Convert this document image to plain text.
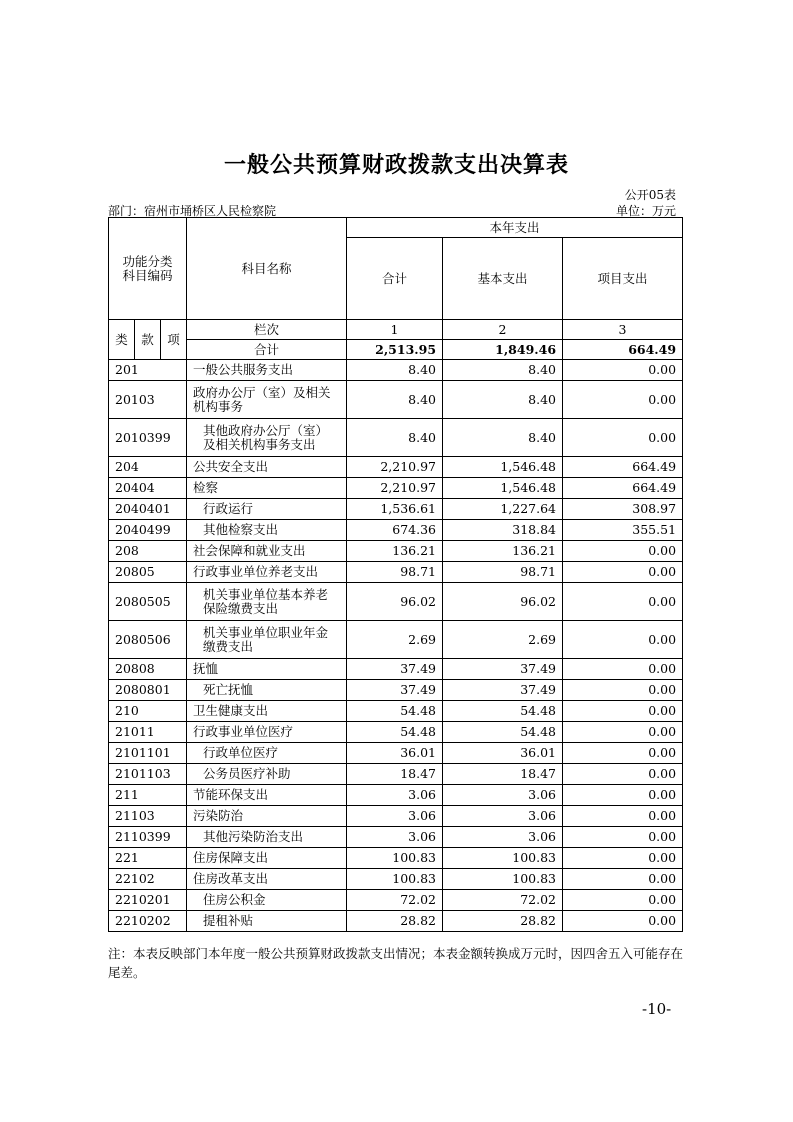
一般公共预算财政拨款支出决算表
公开05表
部门：宿州市埇桥区人民检察院	单位：万元
功能分类
科目编码			科目名称	本年支出		
				合计	基本支出	项目支出
类	款	项	栏次	1	2	3
			合计	2,513.95	1,849.46	664.49
201			一般公共服务支出	8.40	8.40	0.00
20103			政府办公厅（室）及相关机构事务	8.40	8.40	0.00
2010399			其他政府办公厅（室）及相关机构事务支出	8.40	8.40	0.00
204			公共安全支出	2,210.97	1,546.48	664.49
20404			检察	2,210.97	1,546.48	664.49
2040401			行政运行	1,536.61	1,227.64	308.97
2040499			其他检察支出	674.36	318.84	355.51
208			社会保障和就业支出	136.21	136.21	0.00
20805			行政事业单位养老支出	98.71	98.71	0.00
2080505			机关事业单位基本养老保险缴费支出	96.02	96.02	0.00
2080506			机关事业单位职业年金缴费支出	2.69	2.69	0.00
20808			抚恤	37.49	37.49	0.00
2080801			死亡抚恤	37.49	37.49	0.00
210			卫生健康支出	54.48	54.48	0.00
21011			行政事业单位医疗	54.48	54.48	0.00
2101101			行政单位医疗	36.01	36.01	0.00
2101103			公务员医疗补助	18.47	18.47	0.00
211			节能环保支出	3.06	3.06	0.00
21103			污染防治	3.06	3.06	0.00
2110399			其他污染防治支出	3.06	3.06	0.00
221			住房保障支出	100.83	100.83	0.00
22102			住房改革支出	100.83	100.83	0.00
2210201			住房公积金	72.02	72.02	0.00
2210202			提租补贴	28.82	28.82	0.00
注：本表反映部门本年度一般公共预算财政拨款支出情况；本表金额转换成万元时，因四舍五入可能存在尾差。
-10-
